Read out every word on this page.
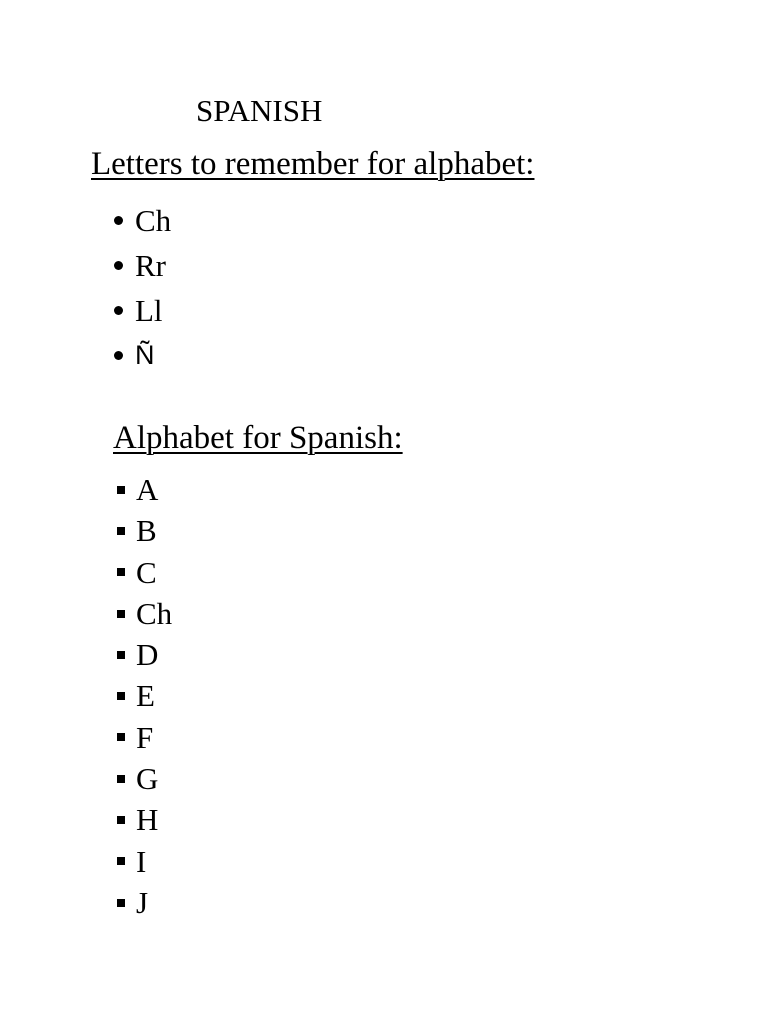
SPANISH
Letters to remember for alphabet:
Ch
Rr
Ll
Ñ
Alphabet for Spanish:
A
B
C
Ch
D
E
F
G
H
I
J
